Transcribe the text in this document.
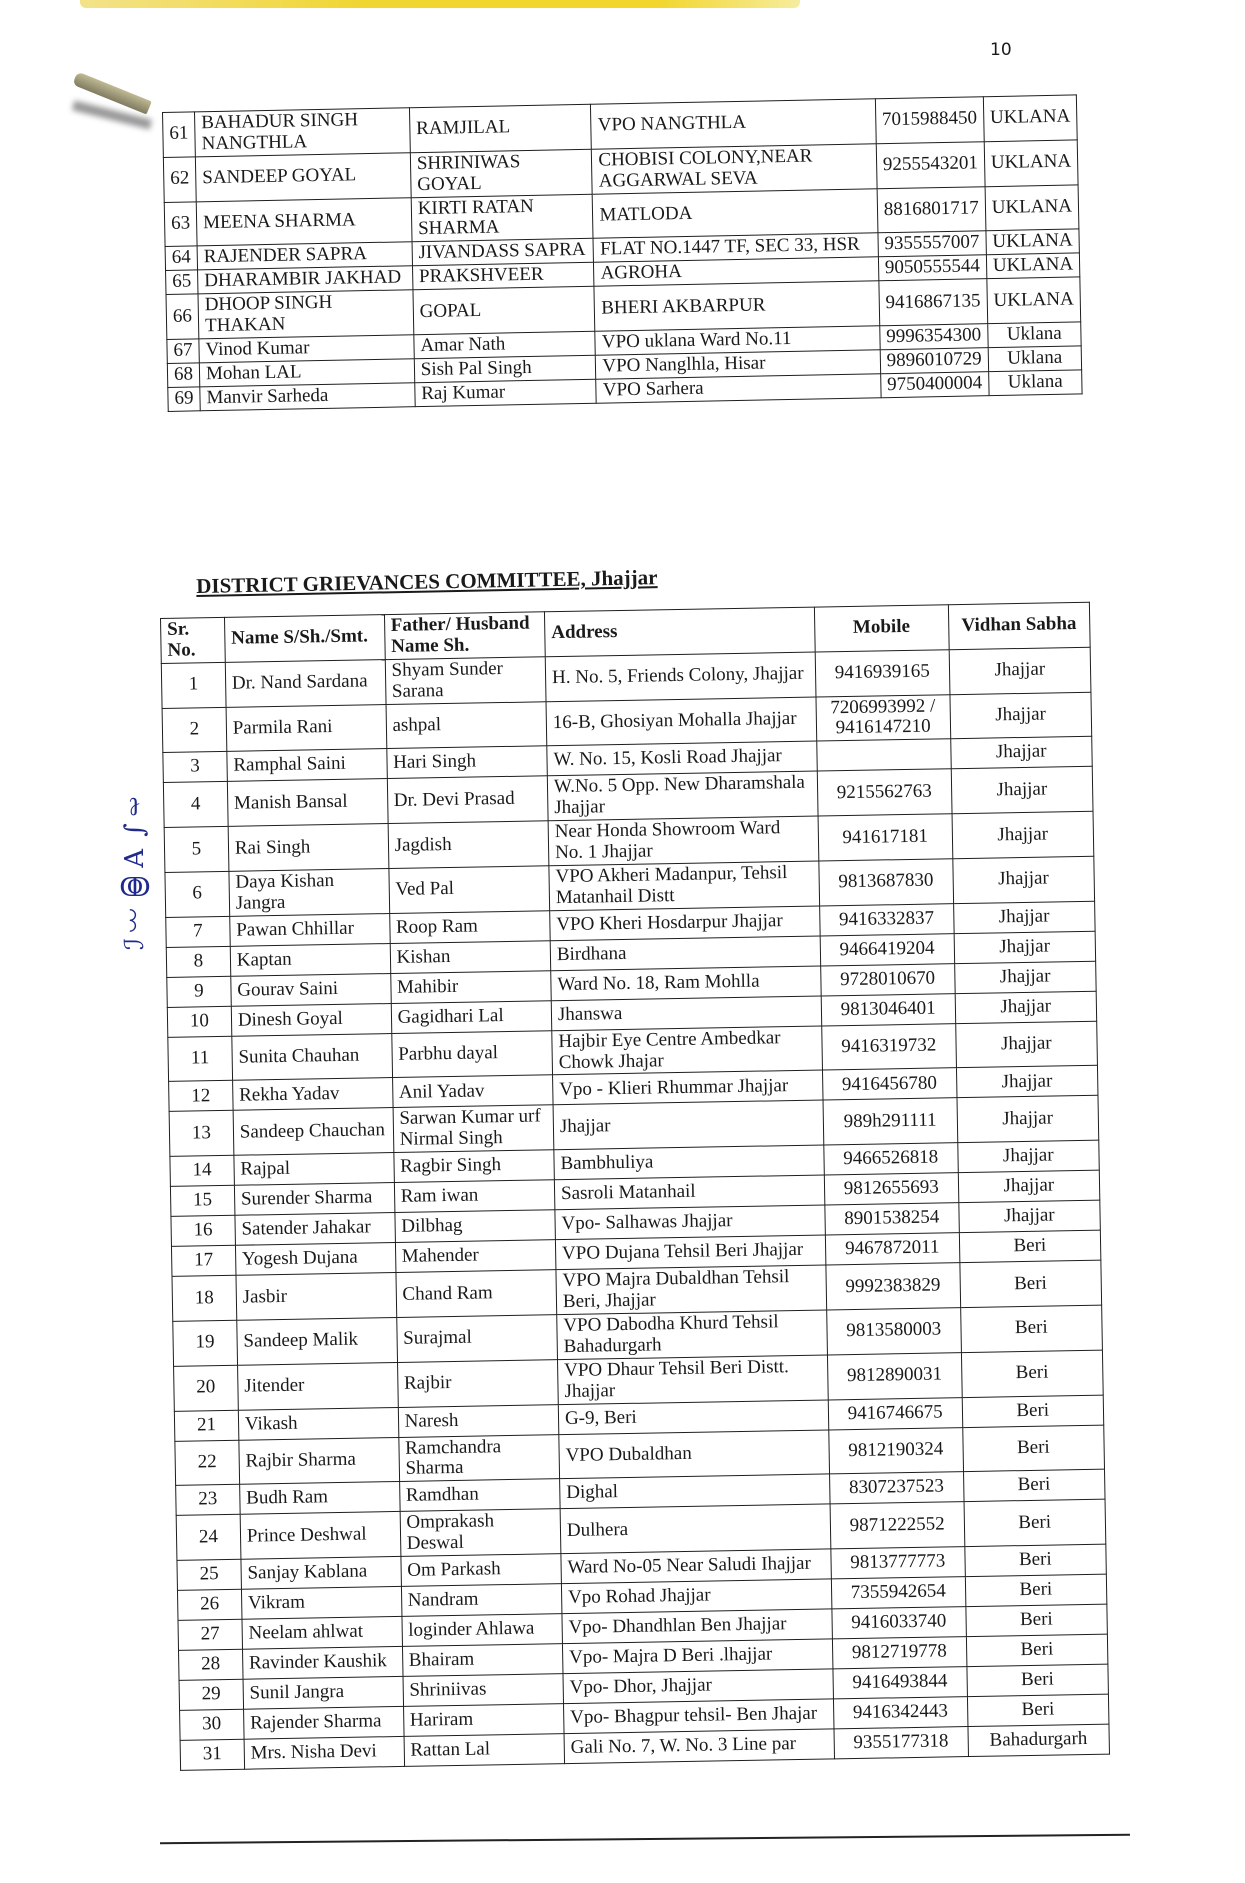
10
61	BAHADUR SINGH NANGTHLA	RAMJILAL	VPO NANGTHLA	7015988450	UKLANA
62	SANDEEP GOYAL	SHRINIWAS GOYAL	CHOBISI COLONY,NEAR AGGARWAL SEVA	9255543201	UKLANA
63	MEENA SHARMA	KIRTI RATAN SHARMA	MATLODA	8816801717	UKLANA
64	RAJENDER SAPRA	JIVANDASS SAPRA	FLAT NO.1447 TF, SEC 33, HSR	9355557007	UKLANA
65	DHARAMBIR JAKHAD	PRAKSHVEER	AGROHA	9050555544	UKLANA
66	DHOOP SINGH THAKAN	GOPAL	BHERI AKBARPUR	9416867135	UKLANA
67	Vinod Kumar	Amar Nath	VPO uklana Ward No.11	9996354300	Uklana
68	Mohan LAL	Sish Pal Singh	VPO Nanglhla, Hisar	9896010729	Uklana
69	Manvir Sarheda	Raj Kumar	VPO Sarhera	9750400004	Uklana
DISTRICT GRIEVANCES COMMITTEE, Jhajjar
ℐ꒰ↂA ∫ℓ
Sr. No.	Name S/Sh./Smt.	Father/ Husband Name Sh.	Address	Mobile	Vidhan Sabha
1	Dr. Nand Sardana	Shyam Sunder Sarana	H. No. 5, Friends Colony, Jhajjar	9416939165	Jhajjar
2	Parmila Rani	ashpal	16-B, Ghosiyan Mohalla Jhajjar	7206993992 / 9416147210	Jhajjar
3	Ramphal Saini	Hari Singh	W. No. 15, Kosli Road Jhajjar		Jhajjar
4	Manish Bansal	Dr. Devi Prasad	W.No. 5 Opp. New Dharamshala Jhajjar	9215562763	Jhajjar
5	Rai Singh	Jagdish	Near Honda Showroom Ward No. 1 Jhajjar	941617181	Jhajjar
6	Daya Kishan Jangra	Ved Pal	VPO Akheri Madanpur, Tehsil Matanhail Distt	9813687830	Jhajjar
7	Pawan Chhillar	Roop Ram	VPO Kheri Hosdarpur Jhajjar	9416332837	Jhajjar
8	Kaptan	Kishan	Birdhana	9466419204	Jhajjar
9	Gourav Saini	Mahibir	Ward No. 18, Ram Mohlla	9728010670	Jhajjar
10	Dinesh Goyal	Gagidhari Lal	Jhanswa	9813046401	Jhajjar
11	Sunita Chauhan	Parbhu dayal	Hajbir Eye Centre Ambedkar Chowk Jhajar	9416319732	Jhajjar
12	Rekha Yadav	Anil Yadav	Vpo - Klieri Rhummar Jhajjar	9416456780	Jhajjar
13	Sandeep Chauchan	Sarwan Kumar urf Nirmal Singh	Jhajjar	989h291111	Jhajjar
14	Rajpal	Ragbir Singh	Bambhuliya	9466526818	Jhajjar
15	Surender Sharma	Ram iwan	Sasroli Matanhail	9812655693	Jhajjar
16	Satender Jahakar	Dilbhag	Vpo- Salhawas Jhajjar	8901538254	Jhajjar
17	Yogesh Dujana	Mahender	VPO Dujana Tehsil Beri Jhajjar	9467872011	Beri
18	Jasbir	Chand Ram	VPO Majra Dubaldhan Tehsil Beri, Jhajjar	9992383829	Beri
19	Sandeep Malik	Surajmal	VPO Dabodha Khurd Tehsil Bahadurgarh	9813580003	Beri
20	Jitender	Rajbir	VPO Dhaur Tehsil Beri Distt. Jhajjar	9812890031	Beri
21	Vikash	Naresh	G-9, Beri	9416746675	Beri
22	Rajbir Sharma	Ramchandra Sharma	VPO Dubaldhan	9812190324	Beri
23	Budh Ram	Ramdhan	Dighal	8307237523	Beri
24	Prince Deshwal	Omprakash Deswal	Dulhera	9871222552	Beri
25	Sanjay Kablana	Om Parkash	Ward No-05 Near Saludi Ihajjar	9813777773	Beri
26	Vikram	Nandram	Vpo Rohad Jhajjar	7355942654	Beri
27	Neelam ahlwat	loginder Ahlawa	Vpo- Dhandhlan Ben Jhajjar	9416033740	Beri
28	Ravinder Kaushik	Bhairam	Vpo- Majra D Beri .lhajjar	9812719778	Beri
29	Sunil Jangra	Shriniivas	Vpo- Dhor, Jhajjar	9416493844	Beri
30	Rajender Sharma	Hariram	Vpo- Bhagpur tehsil- Ben Jhajar	9416342443	Beri
31	Mrs. Nisha Devi	Rattan Lal	Gali No. 7, W. No. 3 Line par	9355177318	Bahadurgarh
